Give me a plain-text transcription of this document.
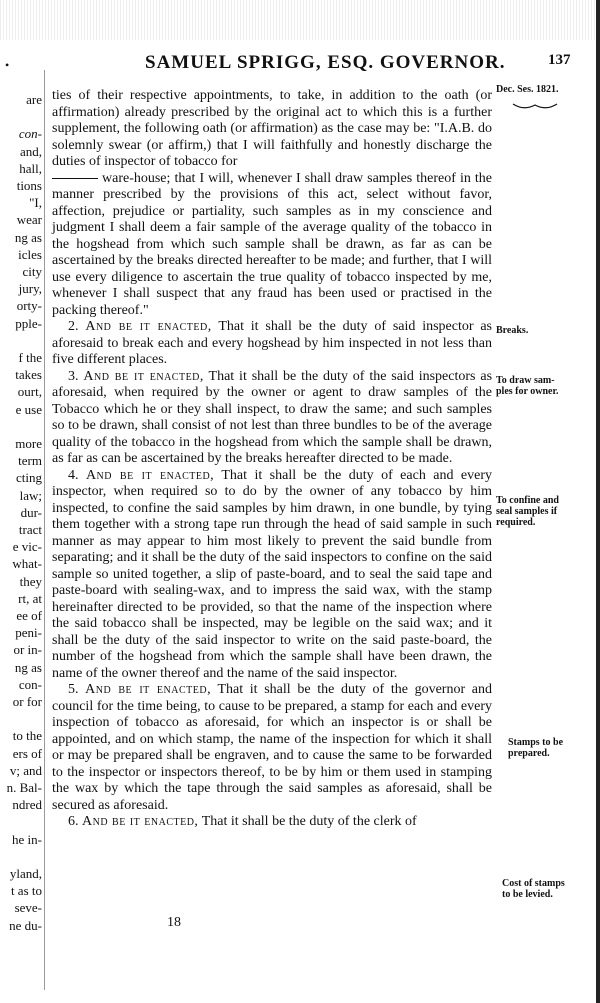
•	SAMUEL SPRIGG, ESQ. GOVERNOR.	137
are
con-
and,
hall,
tions
"I,
wear
ng as
icles
city
jury,
orty-
pple-
f the
takes
ourt,
e use
more
term
cting
law;
dur-
tract
e vic-
what-
they
rt, at
ee of
peni-
or in-
ng as
con-
or for
to the
ers of
v; and
n. Bal-
ndred
he in-
yland,
t as to
seve-
ne du-
Dec. Ses. 1821.
Breaks.
To draw sam-
ples for owner.
To confine and
seal samples if
required.
Stamps to be
prepared.
Cost of stamps
to be levied.

ties of their respective appointments, to take, in addition to the oath (or affirmation) already prescribed by the original act to which this is a further supplement, the following oath (or affirmation) as the case may be: "I.A.B. do solemnly swear (or affirm,) that I will faithfully and honestly discharge the duties of inspector of tobacco for

ware-house; that I will, whenever I shall draw samples thereof in the manner prescribed by the provisions of this act, select without favor, affection, prejudice or partiality, such samples as in my conscience and judgment I shall deem a fair sample of the average quality of the tobacco in the hogshead from which such sample shall be drawn, as far as can be ascertained by the breaks directed hereafter to be made; and further, that I will use every diligence to ascertain the true quality of tobacco inspected by me, whenever I shall suspect that any fraud has been used or practised in the packing thereof."

2. And be it enacted, That it shall be the duty of said inspector as aforesaid to break each and every hogshead by him inspected in not less than five different places.

3. And be it enacted, That it shall be the duty of the said inspectors as aforesaid, when required by the owner or agent to draw samples of the Tobacco which he or they shall inspect, to draw the same; and such samples so to be drawn, shall consist of not lest than three bundles to be of the average quality of the tobacco in the hogshead from which the sample shall be drawn, as far as can be ascertained by the breaks hereafter directed to be made.

4. And be it enacted, That it shall be the duty of each and every inspector, when required so to do by the owner of any tobacco by him inspected, to confine the said samples by him drawn, in one bundle, by tying them together with a strong tape run through the head of said sample in such manner as may appear to him most likely to prevent the said bundle from separating; and it shall be the duty of the said inspectors to confine on the said sample so united together, a slip of paste-board, and to seal the said tape and paste-board with sealing-wax, and to impress the said wax, with the stamp hereinafter directed to be provided, so that the name of the inspection where the said tobacco shall be inspected, may be legible on the said wax; and it shall be the duty of the said inspector to write on the said paste-board, the number of the hogshead from which the sample shall have been drawn, the name of the owner thereof and the name of the said inspector.

5. And be it enacted, That it shall be the duty of the governor and council for the time being, to cause to be prepared, a stamp for each and every inspection of tobacco as aforesaid, for which an inspector is or shall be appointed, and on which stamp, the name of the inspection for which it shall or may be prepared shall be engraven, and to cause the same to be forwarded to the inspector or inspectors thereof, to be by him or them used in stamping the wax by which the tape through the said samples as aforesaid, shall be secured as aforesaid.

6. And be it enacted, That it shall be the duty of the clerk of

18
